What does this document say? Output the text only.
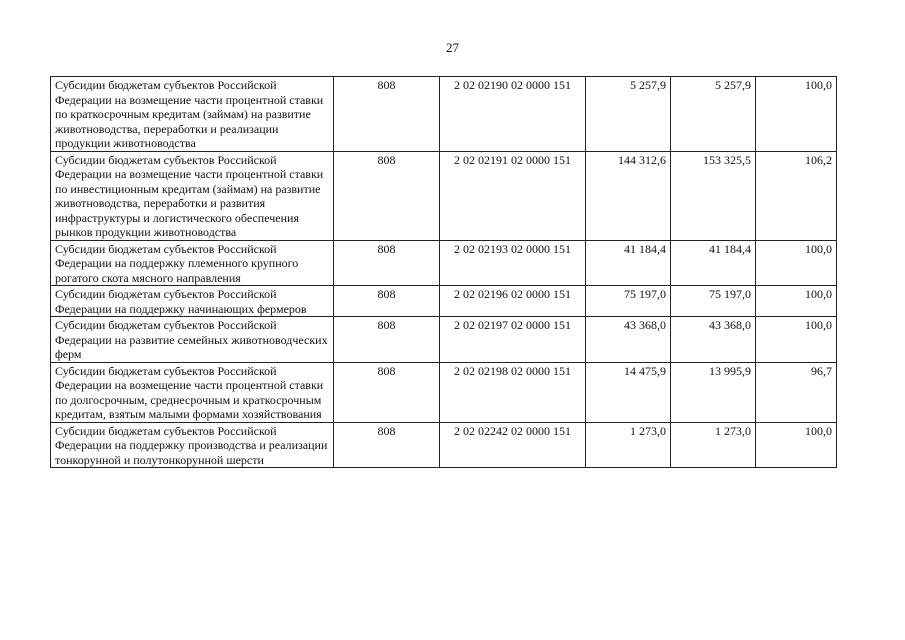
27
Субсидии бюджетам субъектов Российской Федерации на возмещение части процентной ставки по краткосрочным кредитам (займам) на развитие животноводства, переработки и реализации продукции животноводства	808	2 02 02190 02 0000 151	5 257,9	5 257,9	100,0
Субсидии бюджетам субъектов Российской Федерации на возмещение части процентной ставки по инвестиционным кредитам (займам) на развитие животноводства, переработки и развития инфраструктуры и логистического обеспечения рынков продукции животноводства	808	2 02 02191 02 0000 151	144 312,6	153 325,5	106,2
Субсидии бюджетам субъектов Российской Федерации на поддержку племенного крупного рогатого скота мясного направления	808	2 02 02193 02 0000 151	41 184,4	41 184,4	100,0
Субсидии бюджетам субъектов Российской Федерации на поддержку начинающих фермеров	808	2 02 02196 02 0000 151	75 197,0	75 197,0	100,0
Субсидии бюджетам субъектов Российской Федерации на развитие семейных животноводческих ферм	808	2 02 02197 02 0000 151	43 368,0	43 368,0	100,0
Субсидии бюджетам субъектов Российской Федерации на возмещение части процентной ставки по долгосрочным, среднесрочным и краткосрочным кредитам, взятым малыми формами хозяйствования	808	2 02 02198 02 0000 151	14 475,9	13 995,9	96,7
Субсидии бюджетам субъектов Российской Федерации на поддержку производства и реализации тонкорунной и полутонкорунной шерсти	808	2 02 02242 02 0000 151	1 273,0	1 273,0	100,0
